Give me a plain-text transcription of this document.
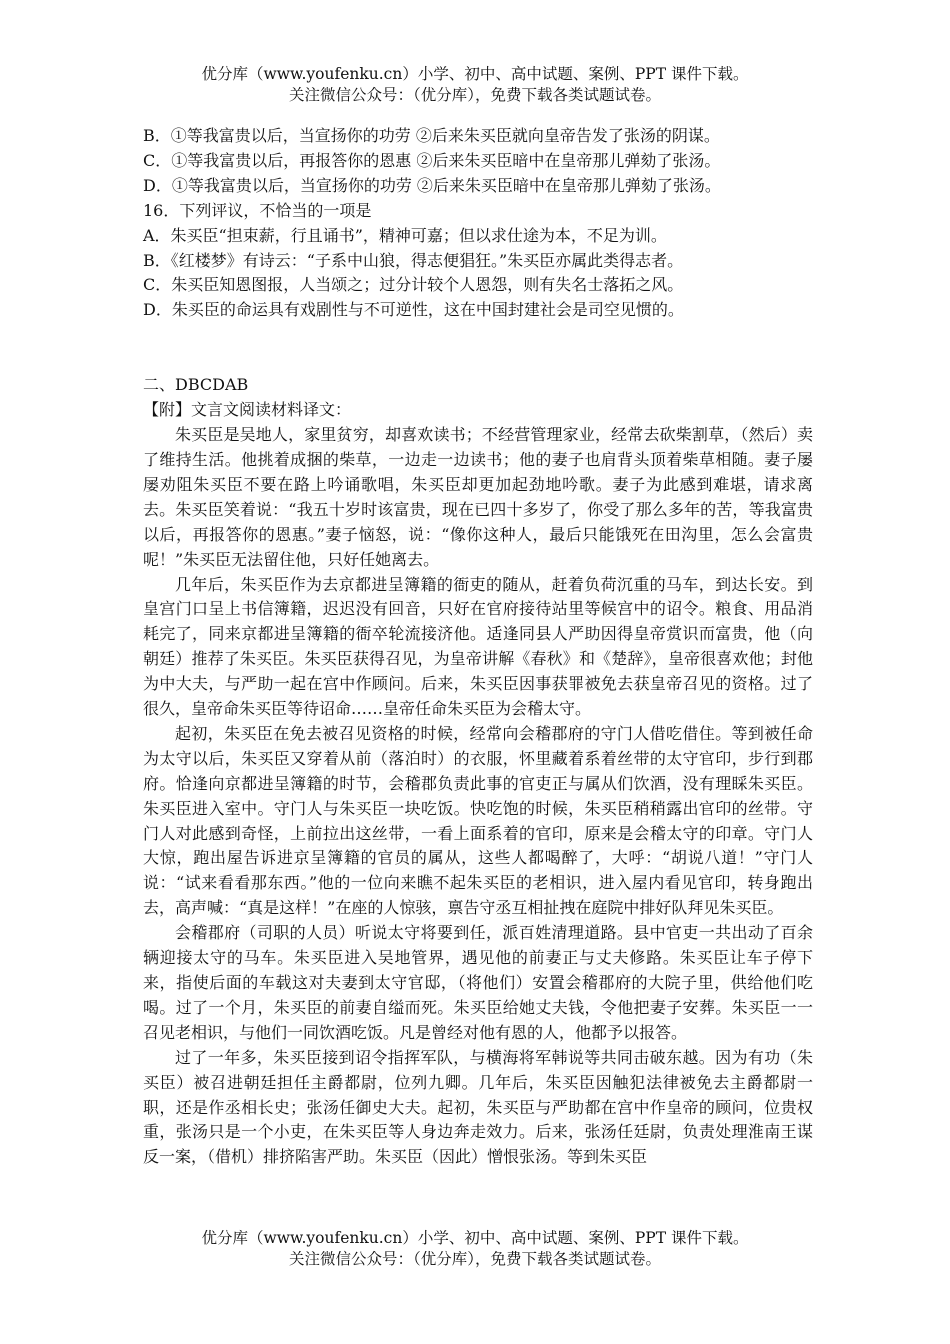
优分库（www.youfenku.cn）小学、初中、高中试题、案例、PPT 课件下载。
关注微信公众号：（优分库），免费下载各类试题试卷。
B．①等我富贵以后，当宣扬你的功劳 ②后来朱买臣就向皇帝告发了张汤的阴谋。
C．①等我富贵以后，再报答你的恩惠 ②后来朱买臣暗中在皇帝那儿弹劾了张汤。
D．①等我富贵以后，当宣扬你的功劳 ②后来朱买臣暗中在皇帝那儿弹劾了张汤。
16．下列评议，不恰当的一项是
A．朱买臣“担束薪，行且诵书”，精神可嘉；但以求仕途为本，不足为训。
B．《红楼梦》有诗云：“子系中山狼，得志便猖狂。”朱买臣亦属此类得志者。
C．朱买臣知恩图报，人当颂之；过分计较个人恩怨，则有失名士落拓之风。
D．朱买臣的命运具有戏剧性与不可逆性，这在中国封建社会是司空见惯的。
二、DBCDAB
【附】文言文阅读材料译文：

朱买臣是吴地人，家里贫穷，却喜欢读书；不经营管理家业，经常去砍柴割草，（然后）卖了维持生活。他挑着成捆的柴草，一边走一边读书；他的妻子也肩背头顶着柴草相随。妻子屡屡劝阻朱买臣不要在路上吟诵歌唱，朱买臣却更加起劲地吟歌。妻子为此感到难堪，请求离去。朱买臣笑着说：“我五十岁时该富贵，现在已四十多岁了，你受了那么多年的苦，等我富贵以后，再报答你的恩惠。”妻子恼怒，说：“像你这种人，最后只能饿死在田沟里，怎么会富贵呢！”朱买臣无法留住他，只好任她离去。

几年后，朱买臣作为去京都进呈簿籍的衙吏的随从，赶着负荷沉重的马车，到达长安。到皇宫门口呈上书信簿籍，迟迟没有回音，只好在官府接待站里等候宫中的诏令。粮食、用品消耗完了，同来京都进呈簿籍的衙卒轮流接济他。适逢同县人严助因得皇帝赏识而富贵，他（向朝廷）推荐了朱买臣。朱买臣获得召见，为皇帝讲解《春秋》和《楚辞》，皇帝很喜欢他；封他为中大夫，与严助一起在宫中作顾问。后来，朱买臣因事获罪被免去获皇帝召见的资格。过了很久，皇帝命朱买臣等待诏命……皇帝任命朱买臣为会稽太守。

起初，朱买臣在免去被召见资格的时候，经常向会稽郡府的守门人借吃借住。等到被任命为太守以后，朱买臣又穿着从前（落泊时）的衣服，怀里藏着系着丝带的太守官印，步行到郡府。恰逢向京都进呈簿籍的时节，会稽郡负责此事的官吏正与属从们饮酒，没有理睬朱买臣。朱买臣进入室中。守门人与朱买臣一块吃饭。快吃饱的时候，朱买臣稍稍露出官印的丝带。守门人对此感到奇怪，上前拉出这丝带，一看上面系着的官印，原来是会稽太守的印章。守门人大惊，跑出屋告诉进京呈簿籍的官员的属从，这些人都喝醉了，大呼：“胡说八道！”守门人说：“试来看看那东西。”他的一位向来瞧不起朱买臣的老相识，进入屋内看见官印，转身跑出去，高声喊：“真是这样！”在座的人惊骇，禀告守丞互相扯拽在庭院中排好队拜见朱买臣。

会稽郡府（司职的人员）听说太守将要到任，派百姓清理道路。县中官吏一共出动了百余辆迎接太守的马车。朱买臣进入吴地管界，遇见他的前妻正与丈夫修路。朱买臣让车子停下来，指使后面的车载这对夫妻到太守官邸，（将他们）安置会稽郡府的大院子里，供给他们吃喝。过了一个月，朱买臣的前妻自缢而死。朱买臣给她丈夫钱，令他把妻子安葬。朱买臣一一召见老相识，与他们一同饮酒吃饭。凡是曾经对他有恩的人，他都予以报答。

过了一年多，朱买臣接到诏令指挥军队，与横海将军韩说等共同击破东越。因为有功（朱买臣）被召进朝廷担任主爵都尉，位列九卿。几年后，朱买臣因触犯法律被免去主爵都尉一职，还是作丞相长史；张汤任御史大夫。起初，朱买臣与严助都在宫中作皇帝的顾问，位贵权重，张汤只是一个小吏，在朱买臣等人身边奔走效力。后来，张汤任廷尉，负责处理淮南王谋反一案，（借机）排挤陷害严助。朱买臣（因此）憎恨张汤。等到朱买臣

优分库（www.youfenku.cn）小学、初中、高中试题、案例、PPT 课件下载。
关注微信公众号：（优分库），免费下载各类试题试卷。
